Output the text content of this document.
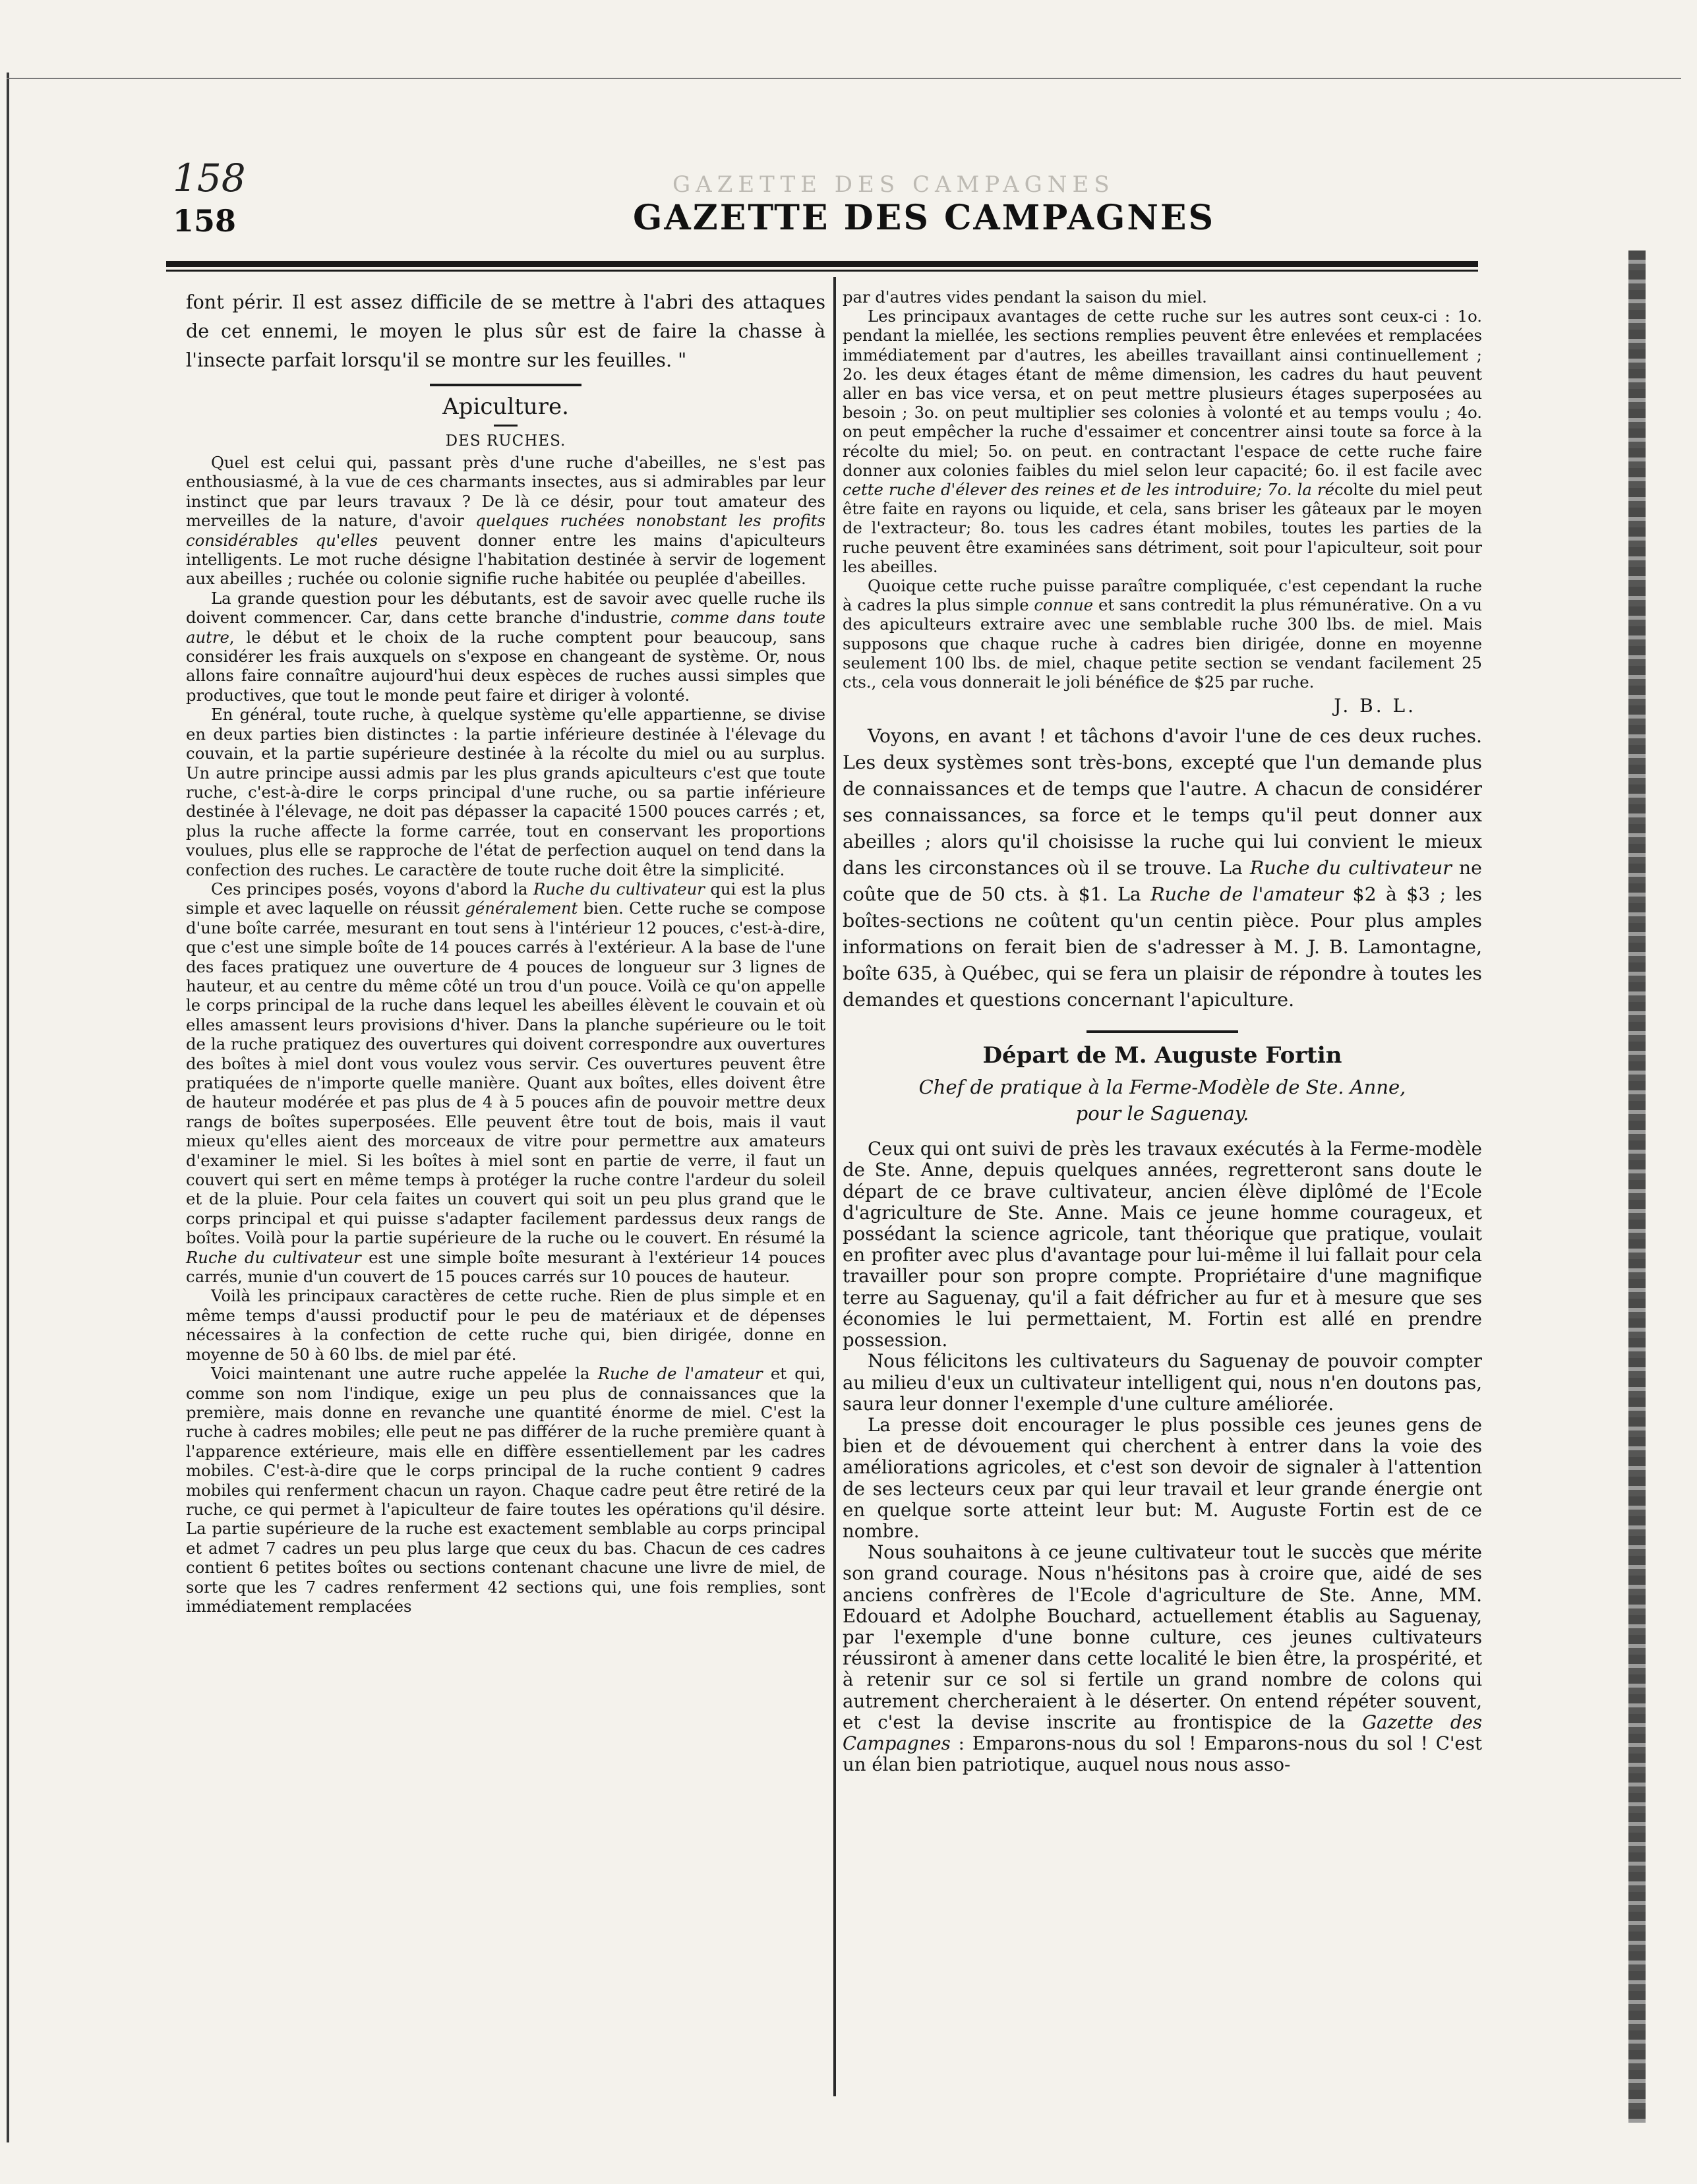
158
158
GAZETTE DES CAMPAGNES
GAZETTE DES CAMPAGNES

font périr. Il est assez difficile de se mettre à l'abri des attaques de cet ennemi, le moyen le plus sûr est de faire la chasse à l'insecte parfait lorsqu'il se montre sur les feuilles. "

Apiculture.
DES RUCHES.

Quel est celui qui, passant près d'une ruche d'abeilles, ne s'est pas enthousiasmé, à la vue de ces charmants insectes, aus si admirables par leur instinct que par leurs travaux ? De là ce désir, pour tout amateur des merveilles de la nature, d'avoir quelques ruchées nonobstant les profits considérables qu'elles peuvent donner entre les mains d'apiculteurs intelligents. Le mot ruche désigne l'habitation destinée à servir de logement aux abeilles ; ruchée ou colonie signifie ruche habitée ou peuplée d'abeilles.

La grande question pour les débutants, est de savoir avec quelle ruche ils doivent commencer. Car, dans cette branche d'industrie, comme dans toute autre, le début et le choix de la ruche comptent pour beaucoup, sans considérer les frais auxquels on s'expose en changeant de système. Or, nous allons faire connaître aujourd'hui deux espèces de ruches aussi simples que productives, que tout le monde peut faire et diriger à volonté.

En général, toute ruche, à quelque système qu'elle appartienne, se divise en deux parties bien distinctes : la partie inférieure destinée à l'élevage du couvain, et la partie supérieure destinée à la récolte du miel ou au surplus. Un autre principe aussi admis par les plus grands apiculteurs c'est que toute ruche, c'est-à-dire le corps principal d'une ruche, ou sa partie inférieure destinée à l'élevage, ne doit pas dépasser la capacité 1500 pouces carrés ; et, plus la ruche affecte la forme carrée, tout en conservant les proportions voulues, plus elle se rapproche de l'état de perfection auquel on tend dans la confection des ruches. Le caractère de toute ruche doit être la simplicité.

Ces principes posés, voyons d'abord la Ruche du cultivateur qui est la plus simple et avec laquelle on réussit généralement bien. Cette ruche se compose d'une boîte carrée, mesurant en tout sens à l'intérieur 12 pouces, c'est-à-dire, que c'est une simple boîte de 14 pouces carrés à l'extérieur. A la base de l'une des faces pratiquez une ouverture de 4 pouces de longueur sur 3 lignes de hauteur, et au centre du même côté un trou d'un pouce. Voilà ce qu'on appelle le corps principal de la ruche dans lequel les abeilles élèvent le couvain et où elles amassent leurs provisions d'hiver. Dans la planche supérieure ou le toit de la ruche pratiquez des ouvertures qui doivent correspondre aux ouvertures des boîtes à miel dont vous voulez vous servir. Ces ouvertures peuvent être pratiquées de n'importe quelle manière. Quant aux boîtes, elles doivent être de hauteur modérée et pas plus de 4 à 5 pouces afin de pouvoir mettre deux rangs de boîtes superposées. Elle peuvent être tout de bois, mais il vaut mieux qu'elles aient des morceaux de vitre pour permettre aux amateurs d'examiner le miel. Si les boîtes à miel sont en partie de verre, il faut un couvert qui sert en même temps à protéger la ruche contre l'ardeur du soleil et de la pluie. Pour cela faites un couvert qui soit un peu plus grand que le corps principal et qui puisse s'adapter facilement pardessus deux rangs de boîtes. Voilà pour la partie supérieure de la ruche ou le couvert. En résumé la Ruche du cultivateur est une simple boîte mesurant à l'extérieur 14 pouces carrés, munie d'un couvert de 15 pouces carrés sur 10 pouces de hauteur.

Voilà les principaux caractères de cette ruche. Rien de plus simple et en même temps d'aussi productif pour le peu de matériaux et de dépenses nécessaires à la confection de cette ruche qui, bien dirigée, donne en moyenne de 50 à 60 lbs. de miel par été.

Voici maintenant une autre ruche appelée la Ruche de l'amateur et qui, comme son nom l'indique, exige un peu plus de connaissances que la première, mais donne en revanche une quantité énorme de miel. C'est la ruche à cadres mobiles; elle peut ne pas différer de la ruche première quant à l'apparence extérieure, mais elle en diffère essentiellement par les cadres mobiles. C'est-à-dire que le corps principal de la ruche contient 9 cadres mobiles qui renferment chacun un rayon. Chaque cadre peut être retiré de la ruche, ce qui permet à l'apiculteur de faire toutes les opérations qu'il désire. La partie supérieure de la ruche est exactement semblable au corps principal et admet 7 cadres un peu plus large que ceux du bas. Chacun de ces cadres contient 6 petites boîtes ou sections contenant chacune une livre de miel, de sorte que les 7 cadres renferment 42 sections qui, une fois remplies, sont immédiatement remplacées

par d'autres vides pendant la saison du miel.

Les principaux avantages de cette ruche sur les autres sont ceux-ci : 1o. pendant la miellée, les sections remplies peuvent être enlevées et remplacées immédiatement par d'autres, les abeilles travaillant ainsi continuellement ; 2o. les deux étages étant de même dimension, les cadres du haut peuvent aller en bas vice versa, et on peut mettre plusieurs étages superposées au besoin ; 3o. on peut multiplier ses colonies à volonté et au temps voulu ; 4o. on peut empêcher la ruche d'essaimer et concentrer ainsi toute sa force à la récolte du miel; 5o. on peut. en contractant l'espace de cette ruche faire donner aux colonies faibles du miel selon leur capacité; 6o. il est facile avec cette ruche d'élever des reines et de les introduire; 7o. la récolte du miel peut être faite en rayons ou liquide, et cela, sans briser les gâteaux par le moyen de l'extracteur; 8o. tous les cadres étant mobiles, toutes les parties de la ruche peuvent être examinées sans détriment, soit pour l'apiculteur, soit pour les abeilles.

Quoique cette ruche puisse paraître compliquée, c'est cependant la ruche à cadres la plus simple connue et sans contredit la plus rémunérative. On a vu des apiculteurs extraire avec une semblable ruche 300 lbs. de miel. Mais supposons que chaque ruche à cadres bien dirigée, donne en moyenne seulement 100 lbs. de miel, chaque petite section se vendant facilement 25 cts., cela vous donnerait le joli bénéfice de $25 par ruche.

J. B. L.

Voyons, en avant ! et tâchons d'avoir l'une de ces deux ruches. Les deux systèmes sont très-bons, excepté que l'un demande plus de connaissances et de temps que l'autre. A chacun de considérer ses connaissances, sa force et le temps qu'il peut donner aux abeilles ; alors qu'il choisisse la ruche qui lui convient le mieux dans les circonstances où il se trouve. La Ruche du cultivateur ne coûte que de 50 cts. à $1. La Ruche de l'amateur $2 à $3 ; les boîtes-sections ne coûtent qu'un centin pièce. Pour plus amples informations on ferait bien de s'adresser à M. J. B. Lamontagne, boîte 635, à Québec, qui se fera un plaisir de répondre à toutes les demandes et questions concernant l'apiculture.

Départ de M. Auguste Fortin
Chef de pratique à la Ferme-Modèle de Ste. Anne,
pour le Saguenay.

Ceux qui ont suivi de près les travaux exécutés à la Ferme-modèle de Ste. Anne, depuis quelques années, regretteront sans doute le départ de ce brave cultivateur, ancien élève diplômé de l'Ecole d'agriculture de Ste. Anne. Mais ce jeune homme courageux, et possédant la science agricole, tant théorique que pratique, voulait en profiter avec plus d'avantage pour lui-même il lui fallait pour cela travailler pour son propre compte. Propriétaire d'une magnifique terre au Saguenay, qu'il a fait défricher au fur et à mesure que ses économies le lui permettaient, M. Fortin est allé en prendre possession.

Nous félicitons les cultivateurs du Saguenay de pouvoir compter au milieu d'eux un cultivateur intelligent qui, nous n'en doutons pas, saura leur donner l'exemple d'une culture améliorée.

La presse doit encourager le plus possible ces jeunes gens de bien et de dévouement qui cherchent à entrer dans la voie des améliorations agricoles, et c'est son devoir de signaler à l'attention de ses lecteurs ceux par qui leur travail et leur grande énergie ont en quelque sorte atteint leur but: M. Auguste Fortin est de ce nombre.

Nous souhaitons à ce jeune cultivateur tout le succès que mérite son grand courage. Nous n'hésitons pas à croire que, aidé de ses anciens confrères de l'Ecole d'agriculture de Ste. Anne, MM. Edouard et Adolphe Bouchard, actuellement établis au Saguenay, par l'exemple d'une bonne culture, ces jeunes cultivateurs réussiront à amener dans cette localité le bien être, la prospérité, et à retenir sur ce sol si fertile un grand nombre de colons qui autrement chercheraient à le déserter. On entend répéter souvent, et c'est la devise inscrite au frontispice de la Gazette des Campagnes : Emparons-nous du sol ! Emparons-nous du sol ! C'est un élan bien patriotique, auquel nous nous asso-
